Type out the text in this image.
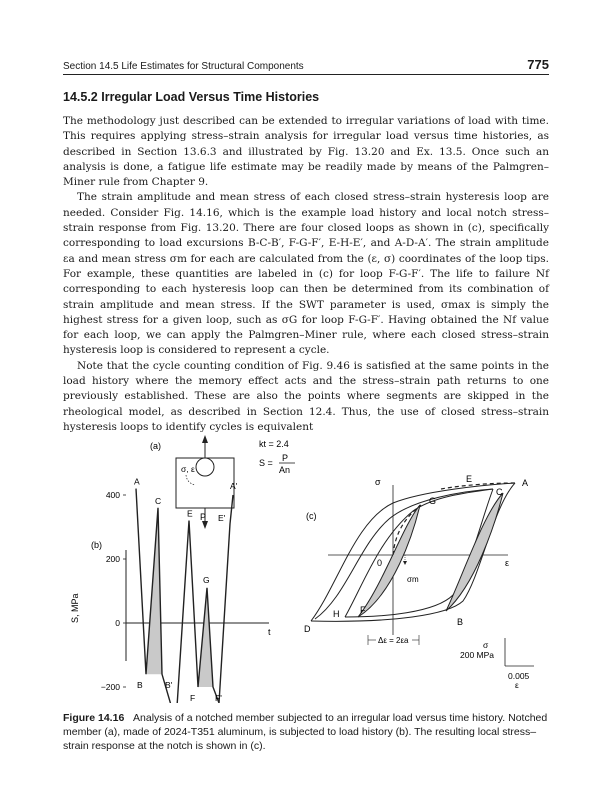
Section 14.5 Life Estimates for Structural Components	775
14.5.2 Irregular Load Versus Time Histories

The methodology just described can be extended to irregular variations of load with time. This requires applying stress–strain analysis for irregular load versus time histories, as described in Section 13.6.3 and illustrated by Fig. 13.20 and Ex. 13.5. Once such an analysis is done, a fatigue life estimate may be readily made by means of the Palmgren–Miner rule from Chapter 9.

The strain amplitude and mean stress of each closed stress–strain hysteresis loop are needed. Consider Fig. 14.16, which is the example load history and local notch stress–strain response from Fig. 13.20. There are four closed loops as shown in (c), specifically corresponding to load excursions B-C-B′, F-G-F′, E-H-E′, and A-D-A′. The strain amplitude εa and mean stress σm for each are calculated from the (ε, σ) coordinates of the loop tips. For example, these quantities are labeled in (c) for loop F-G-F′. The life to failure Nf corresponding to each hysteresis loop can then be determined from its combination of strain amplitude and mean stress. If the SWT parameter is used, σmax is simply the highest stress for a given loop, such as σG for loop F-G-F′. Having obtained the Nf value for each loop, we can apply the Palmgren–Miner rule, where each closed stress–strain hysteresis loop is considered to represent a cycle.

Note that the cycle counting condition of Fig. 9.46 is satisfied at the same points in the load history where the memory effect acts and the stress–strain path returns to one previously established. These are also the points where segments are skipped in the rheological model, as described in Section 12.4. Thus, the use of closed stress–strain hysteresis loops to identify cycles is equivalent

(a)
σ, ε
P
kt = 2.4
S = P
An
(b)
400
200
0
−200
t
S, MPa
A
B
C
B'
E
F
G
F'
E'
A'
(c)
σ
ε
0
σm
A
B
C
D
E
F
G
H
Δε = 2εa	σ
200 MPa
0.005
ε

Figure 14.16 Analysis of a notched member subjected to an irregular load versus time history. Notched member (a), made of 2024-T351 aluminum, is subjected to load history (b). The resulting local stress–strain response at the notch is shown in (c).
